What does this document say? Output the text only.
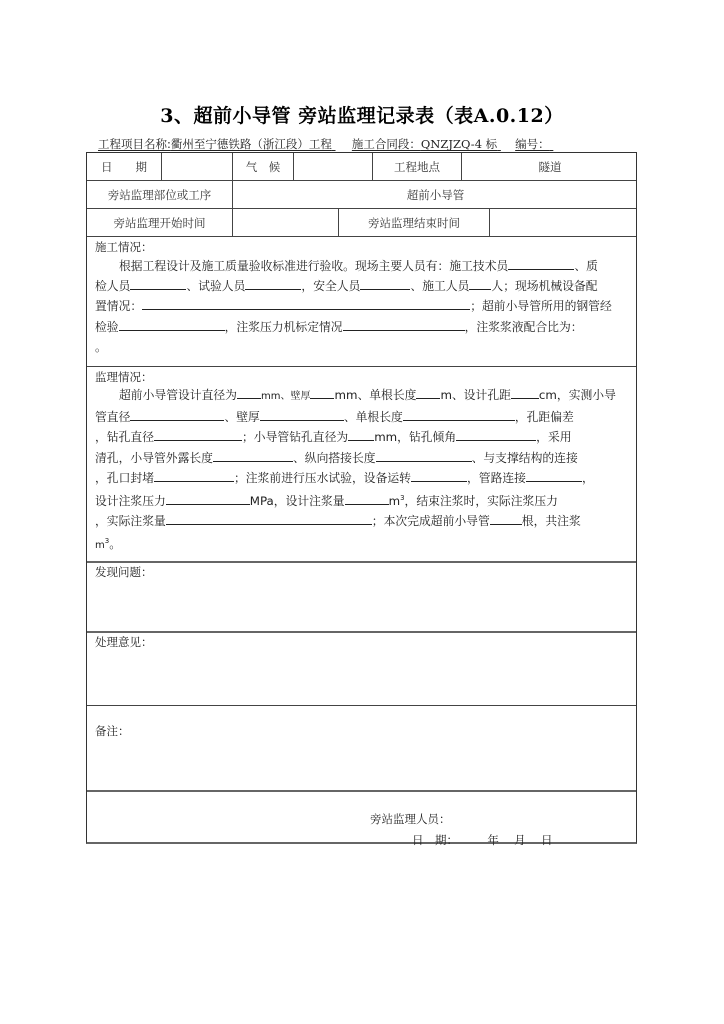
3、超前小导管 旁站监理记录表（表A.0.12）
工程项目名称:衢州至宁德铁路（浙江段）工程 施工合同段：QNZJZQ-4 标 编号：
日　　期	气　候	工程地点	隧道
旁站监理部位或工序	超前小导管
旁站监理开始时间	旁站监理结束时间
施工情况：
根据工程设计及施工质量验收标准进行验收。现场主要人员有：施工技术员	、质
检人员	、试验人员	，安全人员	、施工人员 人；现场机械设备配
置情况：	；超前小导管所用的钢管经
检验	，注浆压力机标定情况	，注浆浆液配合比为：
。
监理情况：
超前小导管设计直径为 mm、壁厚 mm、单根长度 m、设计孔距 cm，实测小导
管直径	、壁厚	、单根长度	，孔距偏差
，钻孔直径	；小导管钻孔直径为 mm，钻孔倾角	，采用
清孔，小导管外露长度	、纵向搭接长度	、与支撑结构的连接
，孔口封堵	；注浆前进行压水试验，设备运转	，管路连接	，
设计注浆压力	MPa，设计注浆量	$m^3$，结束注浆时，实际注浆压力
，实际注浆量	；本次完成超前小导管	根，共注浆
$m^3$。
发现问题：
处理意见：
备注：
旁站监理人员：
日　期：	年 月 日
